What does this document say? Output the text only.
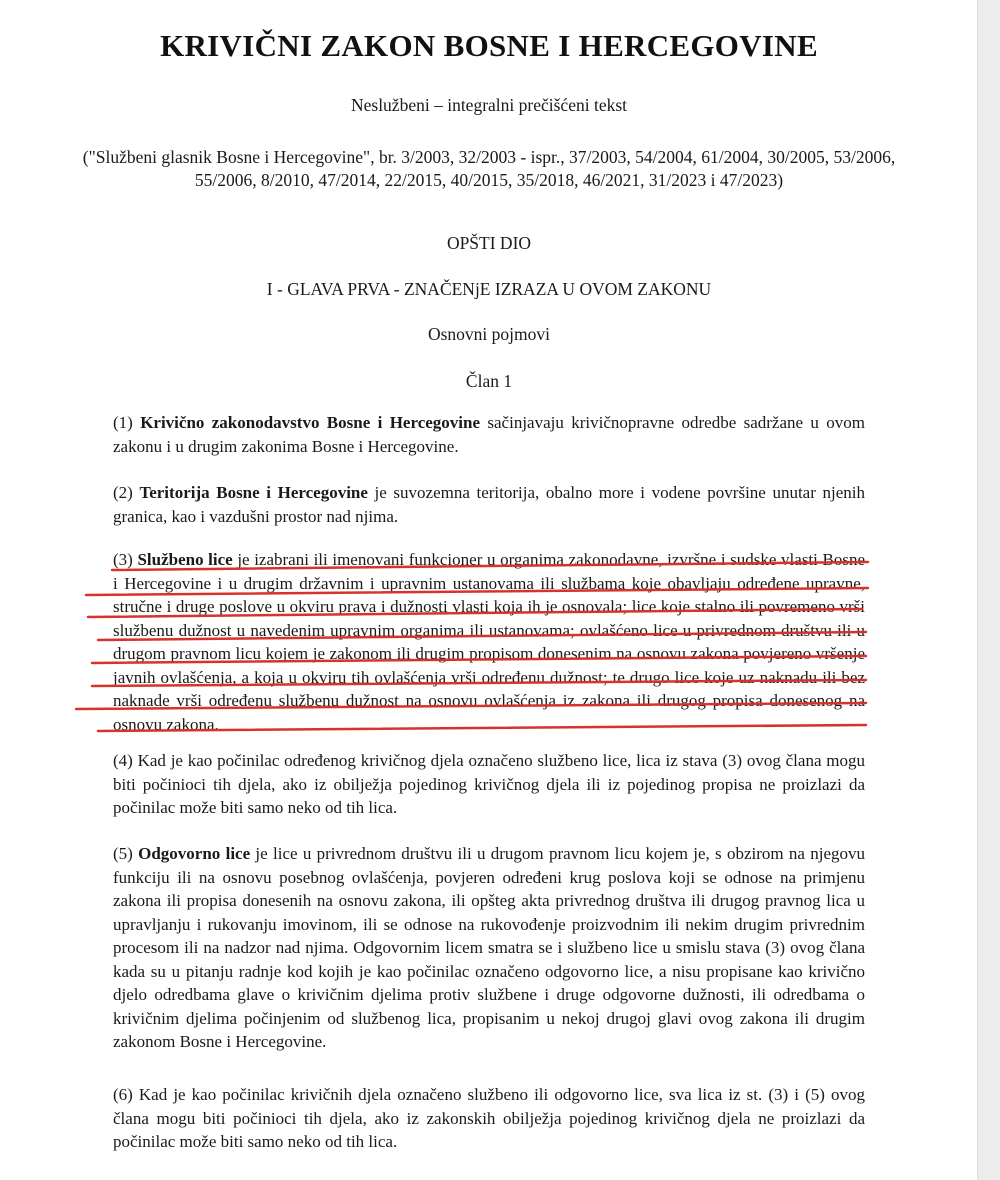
KRIVIČNI ZAKON BOSNE I HERCEGOVINE
Neslužbeni – integralni prečišćeni tekst
("Službeni glasnik Bosne i Hercegovine", br. 3/2003, 32/2003 - ispr., 37/2003, 54/2004, 61/2004, 30/2005, 53/2006, 55/2006, 8/2010, 47/2014, 22/2015, 40/2015, 35/2018, 46/2021, 31/2023 i 47/2023)
OPŠTI DIO
I - GLAVA PRVA - ZNAČENjE IZRAZA U OVOM ZAKONU
Osnovni pojmovi
Član 1
(1) Krivično zakonodavstvo Bosne i Hercegovine sačinjavaju krivičnopravne odredbe sadržane u ovom zakonu i u drugim zakonima Bosne i Hercegovine.
(2) Teritorija Bosne i Hercegovine je suvozemna teritorija, obalno more i vodene površine unutar njenih granica, kao i vazdušni prostor nad njima.
(3) Službeno lice je izabrani ili imenovani funkcioner u organima zakonodavne, izvršne i sudske vlasti Bosne i Hercegovine i u drugim državnim i upravnim ustanovama ili službama koje obavljaju određene upravne, stručne i druge poslove u okviru prava i dužnosti vlasti koja ih je osnovala; lice koje stalno ili povremeno vrši službenu dužnost u navedenim upravnim organima ili ustanovama; ovlašćeno lice u privrednom društvu ili u drugom pravnom licu kojem je zakonom ili drugim propisom donesenim na osnovu zakona povjereno vršenje javnih ovlašćenja, a koja u okviru tih ovlašćenja vrši određenu dužnost; te drugo lice koje uz naknadu ili bez naknade vrši određenu službenu dužnost na osnovu ovlašćenja iz zakona ili drugog propisa donesenog na osnovu zakona.
(4) Kad je kao počinilac određenog krivičnog djela označeno službeno lice, lica iz stava (3) ovog člana mogu biti počinioci tih djela, ako iz obilježja pojedinog krivičnog djela ili iz pojedinog propisa ne proizlazi da počinilac može biti samo neko od tih lica.
(5) Odgovorno lice je lice u privrednom društvu ili u drugom pravnom licu kojem je, s obzirom na njegovu funkciju ili na osnovu posebnog ovlašćenja, povjeren određeni krug poslova koji se odnose na primjenu zakona ili propisa donesenih na osnovu zakona, ili opšteg akta privrednog društva ili drugog pravnog lica u upravljanju i rukovanju imovinom, ili se odnose na rukovođenje proizvodnim ili nekim drugim privrednim procesom ili na nadzor nad njima. Odgovornim licem smatra se i službeno lice u smislu stava (3) ovog člana kada su u pitanju radnje kod kojih je kao počinilac označeno odgovorno lice, a nisu propisane kao krivično djelo odredbama glave o krivičnim djelima protiv službene i druge odgovorne dužnosti, ili odredbama o krivičnim djelima počinjenim od službenog lica, propisanim u nekoj drugoj glavi ovog zakona ili drugim zakonom Bosne i Hercegovine.
(6) Kad je kao počinilac krivičnih djela označeno službeno ili odgovorno lice, sva lica iz st. (3) i (5) ovog člana mogu biti počinioci tih djela, ako iz zakonskih obilježja pojedinog krivičnog djela ne proizlazi da počinilac može biti samo neko od tih lica.
